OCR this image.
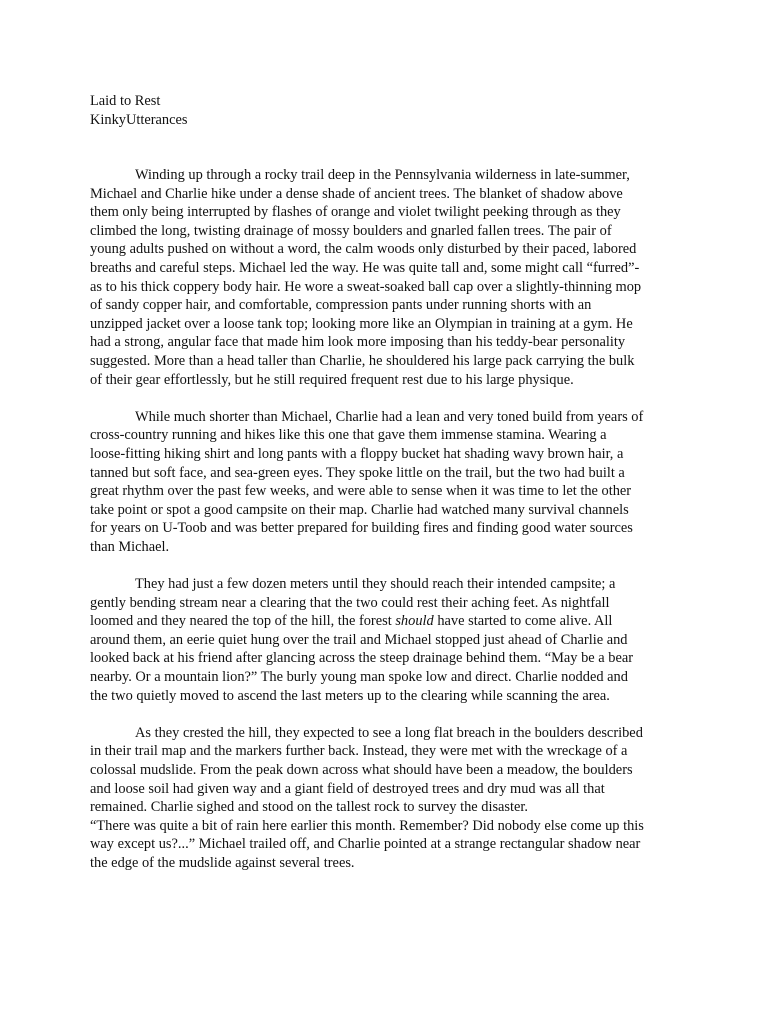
Laid to Rest
KinkyUtterances

Winding up through a rocky trail deep in the Pennsylvania wilderness in late-summer,
Michael and Charlie hike under a dense shade of ancient trees. The blanket of shadow above
them only being interrupted by flashes of orange and violet twilight peeking through as they
climbed the long, twisting drainage of mossy boulders and gnarled fallen trees. The pair of
young adults pushed on without a word, the calm woods only disturbed by their paced, labored
breaths and careful steps. Michael led the way. He was quite tall and, some might call “furred”-
as to his thick coppery body hair. He wore a sweat-soaked ball cap over a slightly-thinning mop
of sandy copper hair, and comfortable, compression pants under running shorts with an
unzipped jacket over a loose tank top; looking more like an Olympian in training at a gym. He
had a strong, angular face that made him look more imposing than his teddy-bear personality
suggested. More than a head taller than Charlie, he shouldered his large pack carrying the bulk
of their gear effortlessly, but he still required frequent rest due to his large physique.

While much shorter than Michael, Charlie had a lean and very toned build from years of
cross-country running and hikes like this one that gave them immense stamina. Wearing a
loose-fitting hiking shirt and long pants with a floppy bucket hat shading wavy brown hair, a
tanned but soft face, and sea-green eyes. They spoke little on the trail, but the two had built a
great rhythm over the past few weeks, and were able to sense when it was time to let the other
take point or spot a good campsite on their map. Charlie had watched many survival channels
for years on U-Toob and was better prepared for building fires and finding good water sources
than Michael.

They had just a few dozen meters until they should reach their intended campsite; a
gently bending stream near a clearing that the two could rest their aching feet. As nightfall
loomed and they neared the top of the hill, the forest should have started to come alive. All
around them, an eerie quiet hung over the trail and Michael stopped just ahead of Charlie and
looked back at his friend after glancing across the steep drainage behind them. “May be a bear
nearby. Or a mountain lion?” The burly young man spoke low and direct. Charlie nodded and
the two quietly moved to ascend the last meters up to the clearing while scanning the area.

As they crested the hill, they expected to see a long flat breach in the boulders described
in their trail map and the markers further back. Instead, they were met with the wreckage of a
colossal mudslide. From the peak down across what should have been a meadow, the boulders
and loose soil had given way and a giant field of destroyed trees and dry mud was all that
remained. Charlie sighed and stood on the tallest rock to survey the disaster.

“There was quite a bit of rain here earlier this month. Remember? Did nobody else come up this
way except us?...” Michael trailed off, and Charlie pointed at a strange rectangular shadow near
the edge of the mudslide against several trees.
